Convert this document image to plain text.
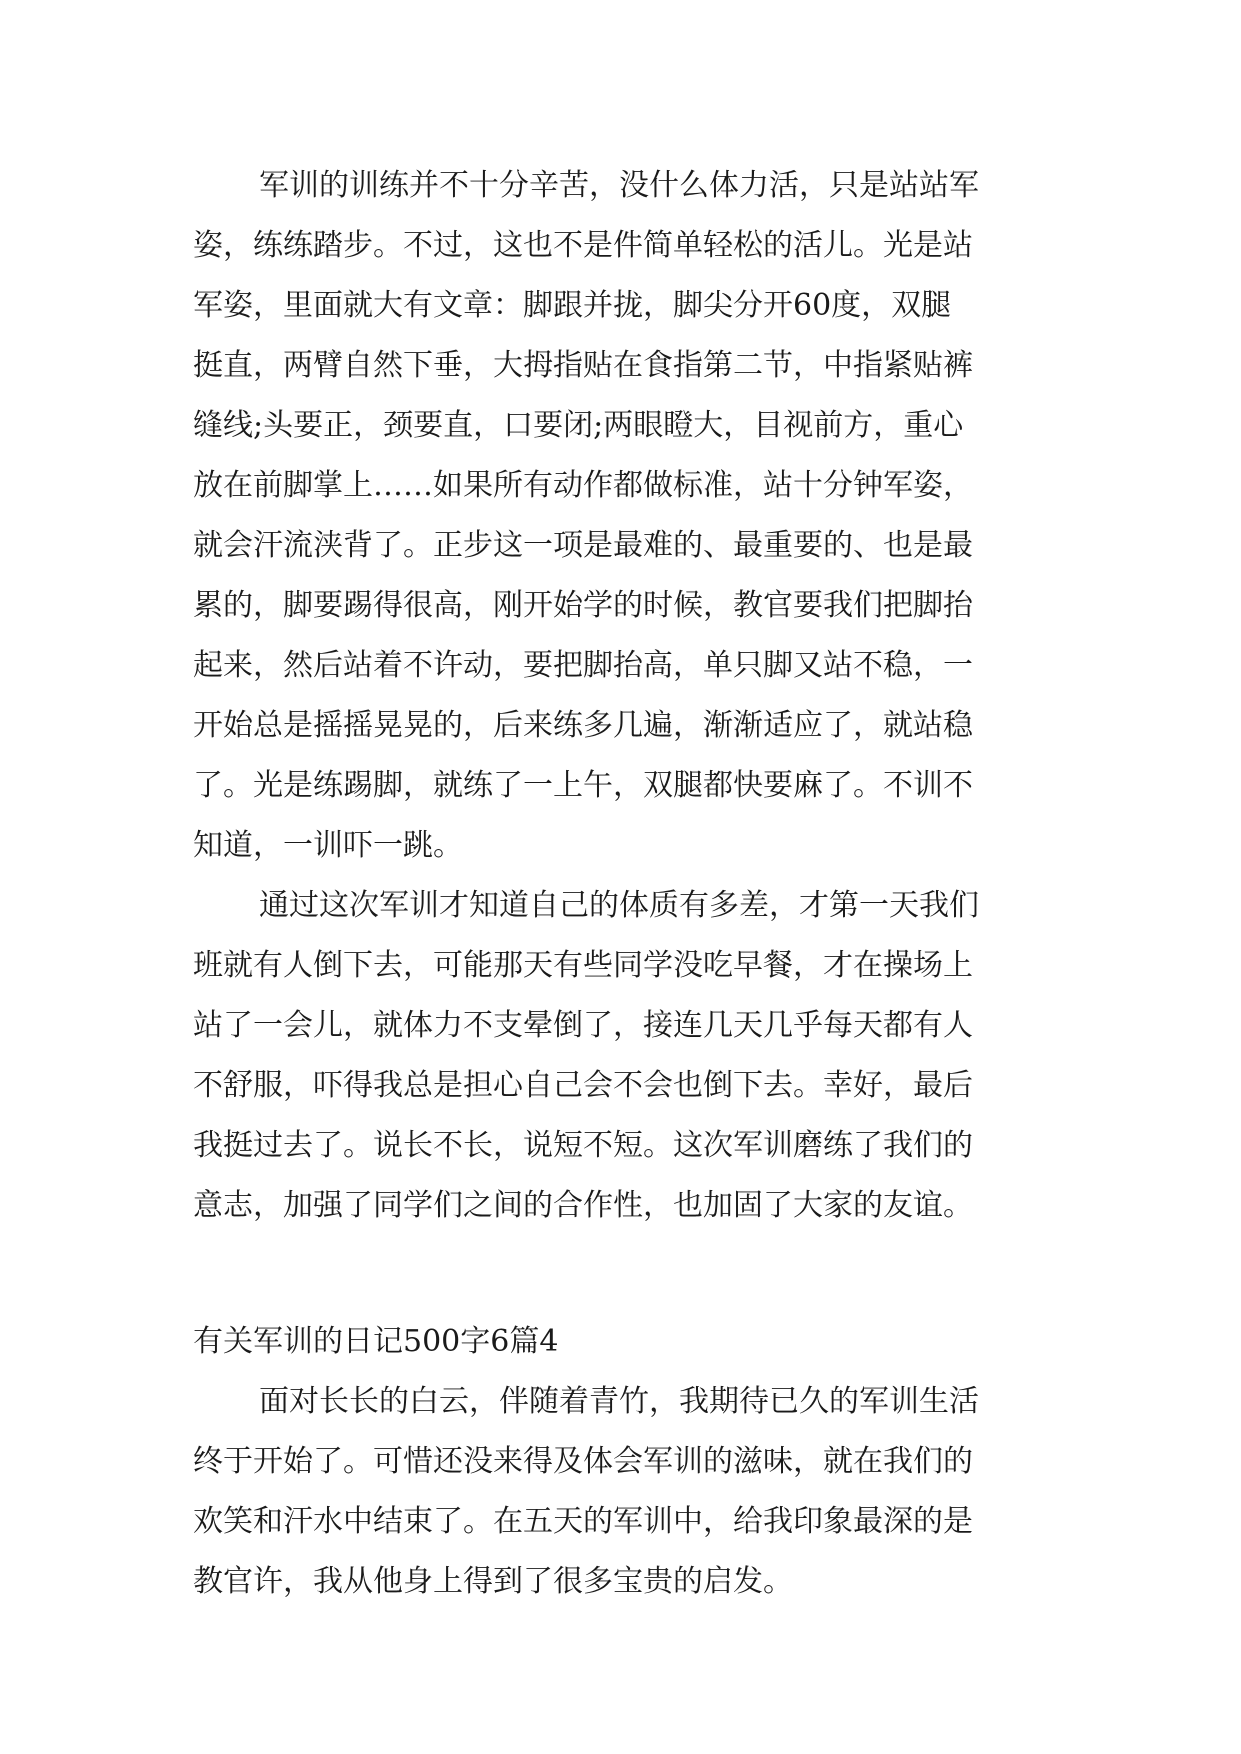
军训的训练并不十分辛苦，没什么体力活，只是站站军
姿，练练踏步。不过，这也不是件简单轻松的活儿。光是站
军姿，里面就大有文章：脚跟并拢，脚尖分开60度，双腿
挺直，两臂自然下垂，大拇指贴在食指第二节，中指紧贴裤
缝线;头要正，颈要直，口要闭;两眼瞪大，目视前方，重心
放在前脚掌上……如果所有动作都做标准，站十分钟军姿，
就会汗流浃背了。正步这一项是最难的、最重要的、也是最
累的，脚要踢得很高，刚开始学的时候，教官要我们把脚抬
起来，然后站着不许动，要把脚抬高，单只脚又站不稳，一
开始总是摇摇晃晃的，后来练多几遍，渐渐适应了，就站稳
了。光是练踢脚，就练了一上午，双腿都快要麻了。不训不
知道，一训吓一跳。
通过这次军训才知道自己的体质有多差，才第一天我们
班就有人倒下去，可能那天有些同学没吃早餐，才在操场上
站了一会儿，就体力不支晕倒了，接连几天几乎每天都有人
不舒服，吓得我总是担心自己会不会也倒下去。幸好，最后
我挺过去了。说长不长，说短不短。这次军训磨练了我们的
意志，加强了同学们之间的合作性，也加固了大家的友谊。
有关军训的日记500字6篇4
面对长长的白云，伴随着青竹，我期待已久的军训生活
终于开始了。可惜还没来得及体会军训的滋味，就在我们的
欢笑和汗水中结束了。在五天的军训中，给我印象最深的是
教官许，我从他身上得到了很多宝贵的启发。
